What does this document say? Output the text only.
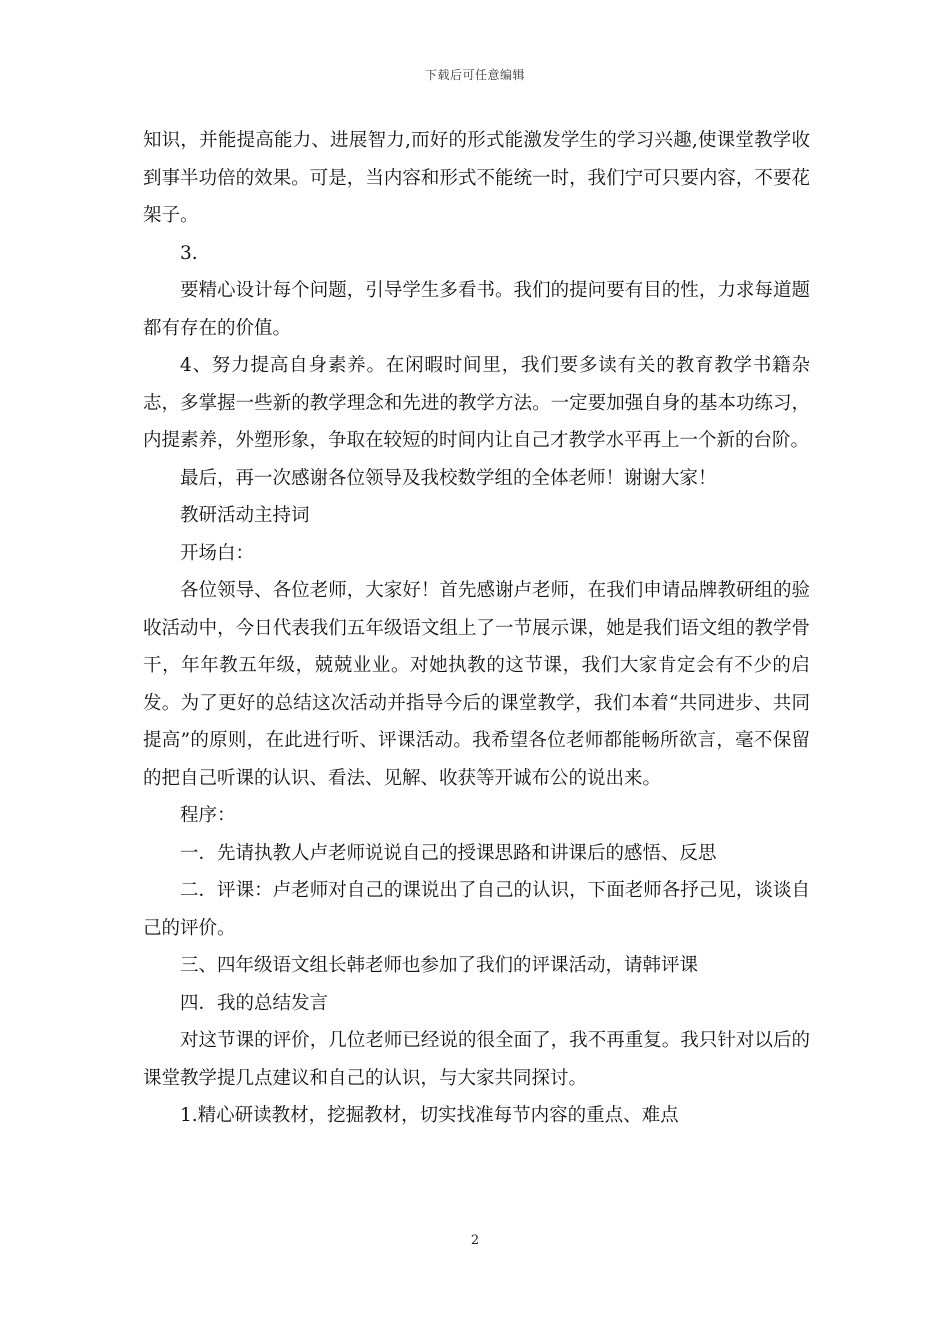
下载后可任意编辑

知识，并能提高能力、进展智力,而好的形式能激发学生的学习兴趣,使课堂教学收到事半功倍的效果。可是，当内容和形式不能统一时，我们宁可只要内容，不要花架子。

3.

要精心设计每个问题，引导学生多看书。我们的提问要有目的性，力求每道题都有存在的价值。

4、努力提高自身素养。在闲暇时间里，我们要多读有关的教育教学书籍杂志，多掌握一些新的教学理念和先进的教学方法。一定要加强自身的基本功练习，内提素养，外塑形象，争取在较短的时间内让自己才教学水平再上一个新的台阶。

最后，再一次感谢各位领导及我校数学组的全体老师！谢谢大家！

教研活动主持词

开场白：

各位领导、各位老师，大家好！首先感谢卢老师，在我们申请品牌教研组的验收活动中，今日代表我们五年级语文组上了一节展示课，她是我们语文组的教学骨干，年年教五年级，兢兢业业。对她执教的这节课，我们大家肯定会有不少的启发。为了更好的总结这次活动并指导今后的课堂教学，我们本着“共同进步、共同提高”的原则，在此进行听、评课活动。我希望各位老师都能畅所欲言，毫不保留的把自己听课的认识、看法、见解、收获等开诚布公的说出来。

程序：

一．先请执教人卢老师说说自己的授课思路和讲课后的感悟、反思

二．评课：卢老师对自己的课说出了自己的认识，下面老师各抒己见，谈谈自己的评价。

三、四年级语文组长韩老师也参加了我们的评课活动，请韩评课

四．我的总结发言

对这节课的评价，几位老师已经说的很全面了，我不再重复。我只针对以后的课堂教学提几点建议和自己的认识，与大家共同探讨。

1.精心研读教材，挖掘教材，切实找准每节内容的重点、难点

2
